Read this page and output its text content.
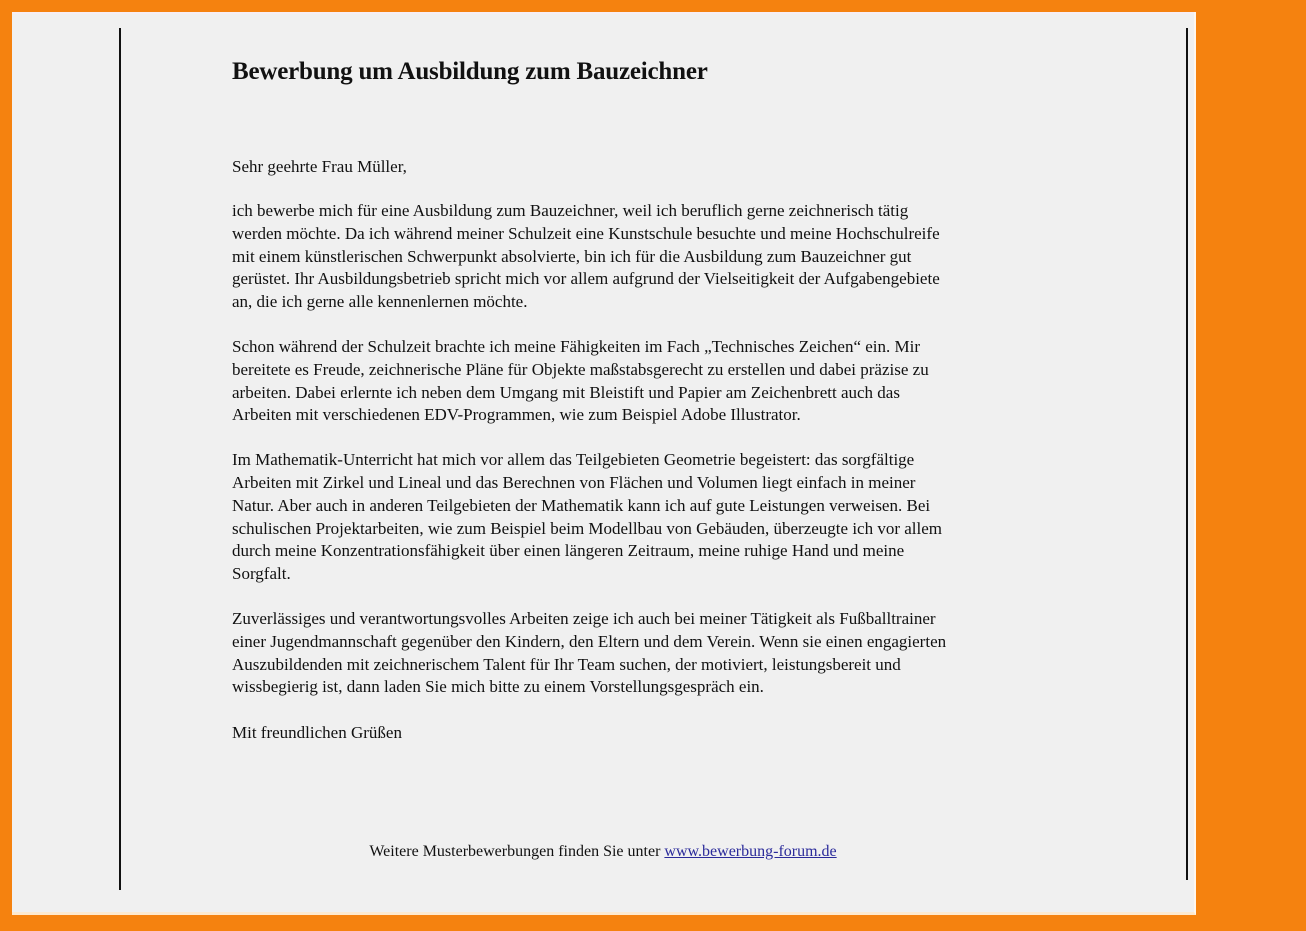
Bewerbung um Ausbildung zum Bauzeichner

Sehr geehrte Frau Müller,

ich bewerbe mich für eine Ausbildung zum Bauzeichner, weil ich beruflich gerne zeichnerisch tätig
werden möchte. Da ich während meiner Schulzeit eine Kunstschule besuchte und meine Hochschulreife
mit einem künstlerischen Schwerpunkt absolvierte, bin ich für die Ausbildung zum Bauzeichner gut
gerüstet. Ihr Ausbildungsbetrieb spricht mich vor allem aufgrund der Vielseitigkeit der Aufgabengebiete
an, die ich gerne alle kennenlernen möchte.

Schon während der Schulzeit brachte ich meine Fähigkeiten im Fach „Technisches Zeichen“ ein. Mir
bereitete es Freude, zeichnerische Pläne für Objekte maßstabsgerecht zu erstellen und dabei präzise zu
arbeiten. Dabei erlernte ich neben dem Umgang mit Bleistift und Papier am Zeichenbrett auch das
Arbeiten mit verschiedenen EDV-Programmen, wie zum Beispiel Adobe Illustrator.

Im Mathematik-Unterricht hat mich vor allem das Teilgebieten Geometrie begeistert: das sorgfältige
Arbeiten mit Zirkel und Lineal und das Berechnen von Flächen und Volumen liegt einfach in meiner
Natur. Aber auch in anderen Teilgebieten der Mathematik kann ich auf gute Leistungen verweisen. Bei
schulischen Projektarbeiten, wie zum Beispiel beim Modellbau von Gebäuden, überzeugte ich vor allem
durch meine Konzentrationsfähigkeit über einen längeren Zeitraum, meine ruhige Hand und meine
Sorgfalt.

Zuverlässiges und verantwortungsvolles Arbeiten zeige ich auch bei meiner Tätigkeit als Fußballtrainer
einer Jugendmannschaft gegenüber den Kindern, den Eltern und dem Verein. Wenn sie einen engagierten
Auszubildenden mit zeichnerischem Talent für Ihr Team suchen, der motiviert, leistungsbereit und
wissbegierig ist, dann laden Sie mich bitte zu einem Vorstellungsgespräch ein.

Mit freundlichen Grüßen

Weitere Musterbewerbungen finden Sie unter www.bewerbung-forum.de
